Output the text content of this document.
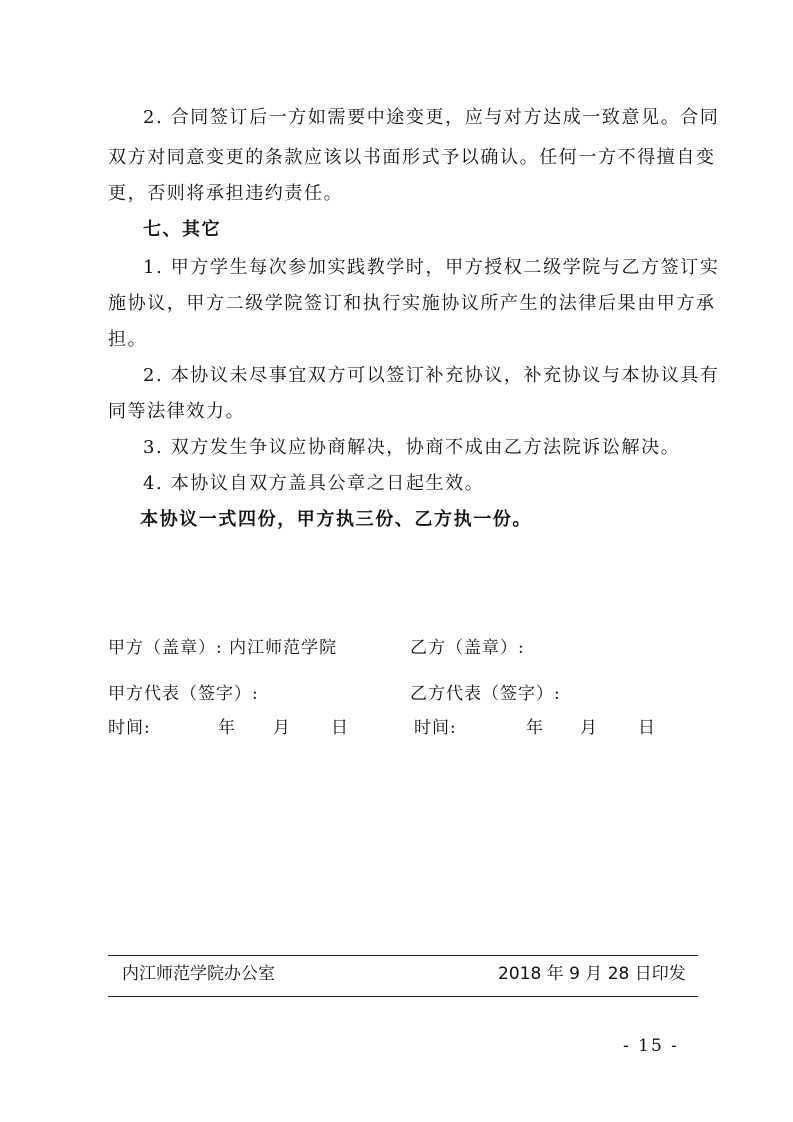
2. 合同签订后一方如需要中途变更，应与对方达成一致意见。合同
双方对同意变更的条款应该以书面形式予以确认。任何一方不得擅自变
更，否则将承担违约责任。
七、其它
1. 甲方学生每次参加实践教学时，甲方授权二级学院与乙方签订实
施协议，甲方二级学院签订和执行实施协议所产生的法律后果由甲方承
担。
2. 本协议未尽事宜双方可以签订补充协议，补充协议与本协议具有
同等法律效力。
3. 双方发生争议应协商解决，协商不成由乙方法院诉讼解决。
4. 本协议自双方盖具公章之日起生效。
本协议一式四份，甲方执三份、乙方执一份。
甲方（盖章）: 内江师范学院	乙方（盖章）:
甲方代表（签字）:	乙方代表（签字）:
时间:	年 月 日	时间:	年 月 日
内江师范学院办公室	2018 年 9 月 28 日印发
- 15 -
